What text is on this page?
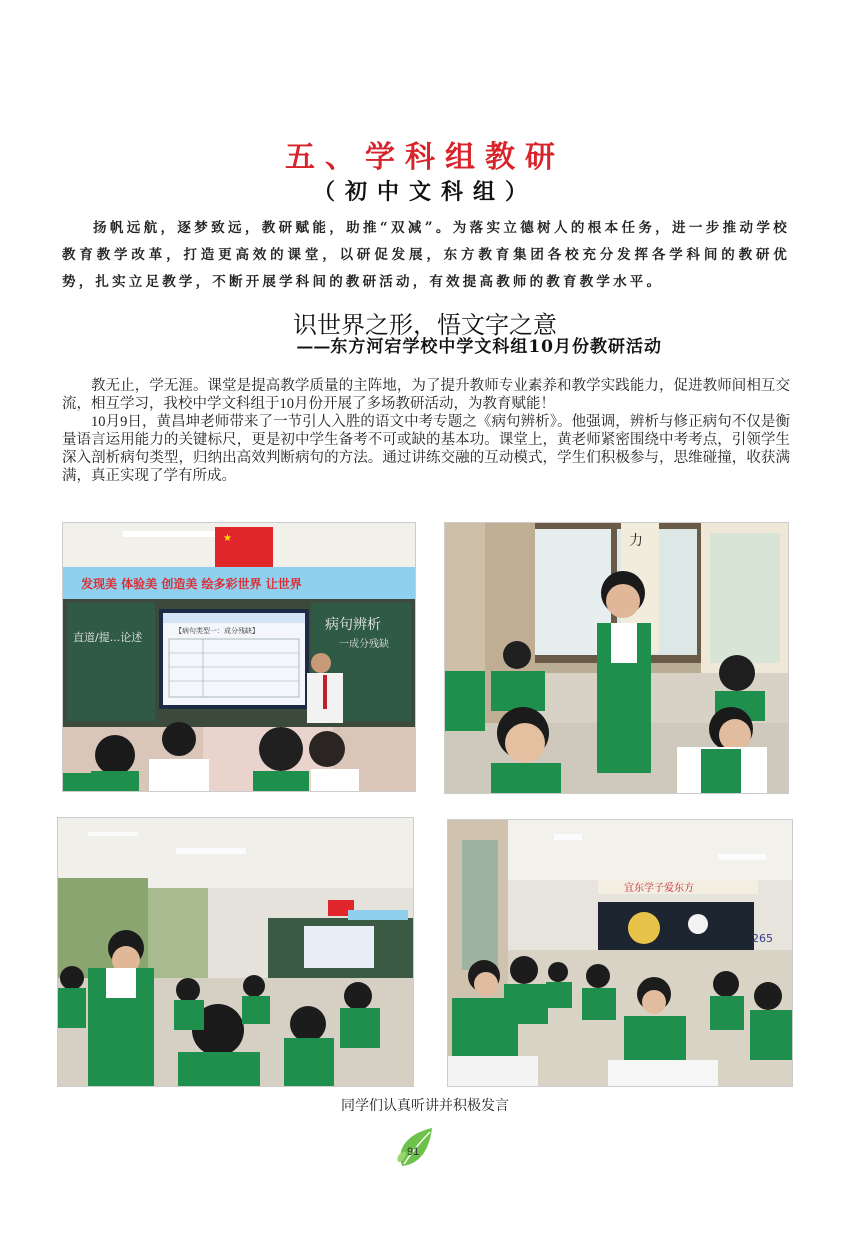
五、学科组教研
（初中文科组）
扬帆远航，逐梦致远，教研赋能，助推“双减”。为落实立德树人的根本任务，进一步推动学校教育教学改革，打造更高效的课堂，以研促发展，东方教育集团各校充分发挥各学科间的教研优势，扎实立足教学，不断开展学科间的教研活动，有效提高教师的教育教学水平。
识世界之形，悟文字之意
——东方河宕学校中学文科组10月份教研活动

教无止，学无涯。课堂是提高教学质量的主阵地，为了提升教师专业素养和教学实践能力，促进教师间相互交流，相互学习，我校中学文科组于10月份开展了多场教研活动，为教育赋能！

10月9日，黄昌坤老师带来了一节引人入胜的语文中考专题之《病句辨析》。他强调，辨析与修正病句不仅是衡量语言运用能力的关键标尺，更是初中学生备考不可或缺的基本功。课堂上，黄老师紧密围绕中考考点，引领学生深入剖析病句类型，归纳出高效判断病句的方法。通过讲练交融的互动模式，学生们积极参与，思维碰撞，收获满满，真正实现了学有所成。

★
发现美 体验美 创造美 绘多彩世界 让世界
直道/提...论述	【病句类型一：成分残缺】	病句辨析
一成分残缺
力
宜东学子爱东方
265
同学们认真听讲并积极发言
91
